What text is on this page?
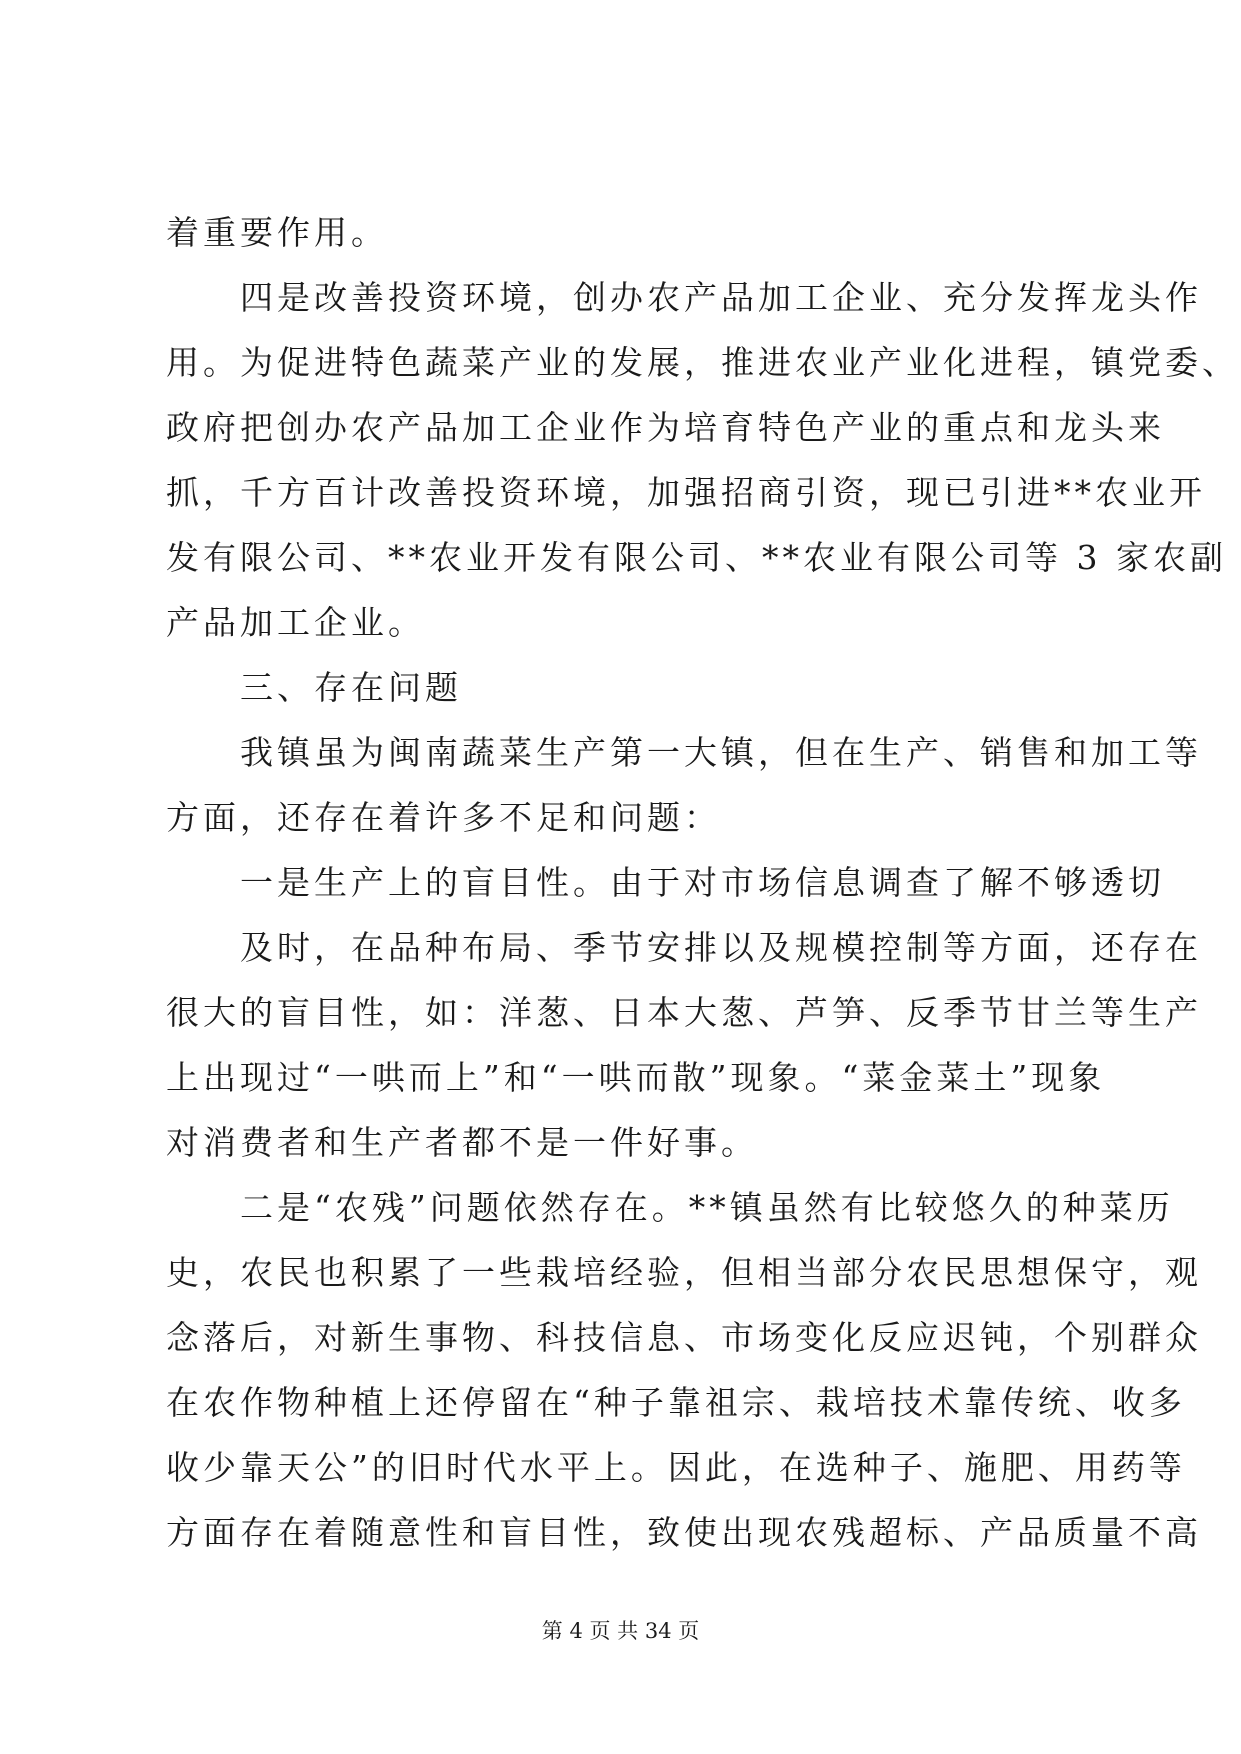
着重要作用。
　　四是改善投资环境，创办农产品加工企业、充分发挥龙头作
用。为促进特色蔬菜产业的发展，推进农业产业化进程，镇党委、
政府把创办农产品加工企业作为培育特色产业的重点和龙头来
抓，千方百计改善投资环境，加强招商引资，现已引进**农业开
发有限公司、**农业开发有限公司、**农业有限公司等 3 家农副
产品加工企业。
　　三、存在问题
　　我镇虽为闽南蔬菜生产第一大镇，但在生产、销售和加工等
方面，还存在着许多不足和问题：
　　一是生产上的盲目性。由于对市场信息调查了解不够透切
　　及时，在品种布局、季节安排以及规模控制等方面，还存在
很大的盲目性，如：洋葱、日本大葱、芦笋、反季节甘兰等生产
上出现过“一哄而上”和“一哄而散”现象。“菜金菜土”现象
对消费者和生产者都不是一件好事。
　　二是“农残”问题依然存在。**镇虽然有比较悠久的种菜历
史，农民也积累了一些栽培经验，但相当部分农民思想保守，观
念落后，对新生事物、科技信息、市场变化反应迟钝，个别群众
在农作物种植上还停留在“种子靠祖宗、栽培技术靠传统、收多
收少靠天公”的旧时代水平上。因此，在选种子、施肥、用药等
方面存在着随意性和盲目性，致使出现农残超标、产品质量不高
第 4 页 共 34 页
